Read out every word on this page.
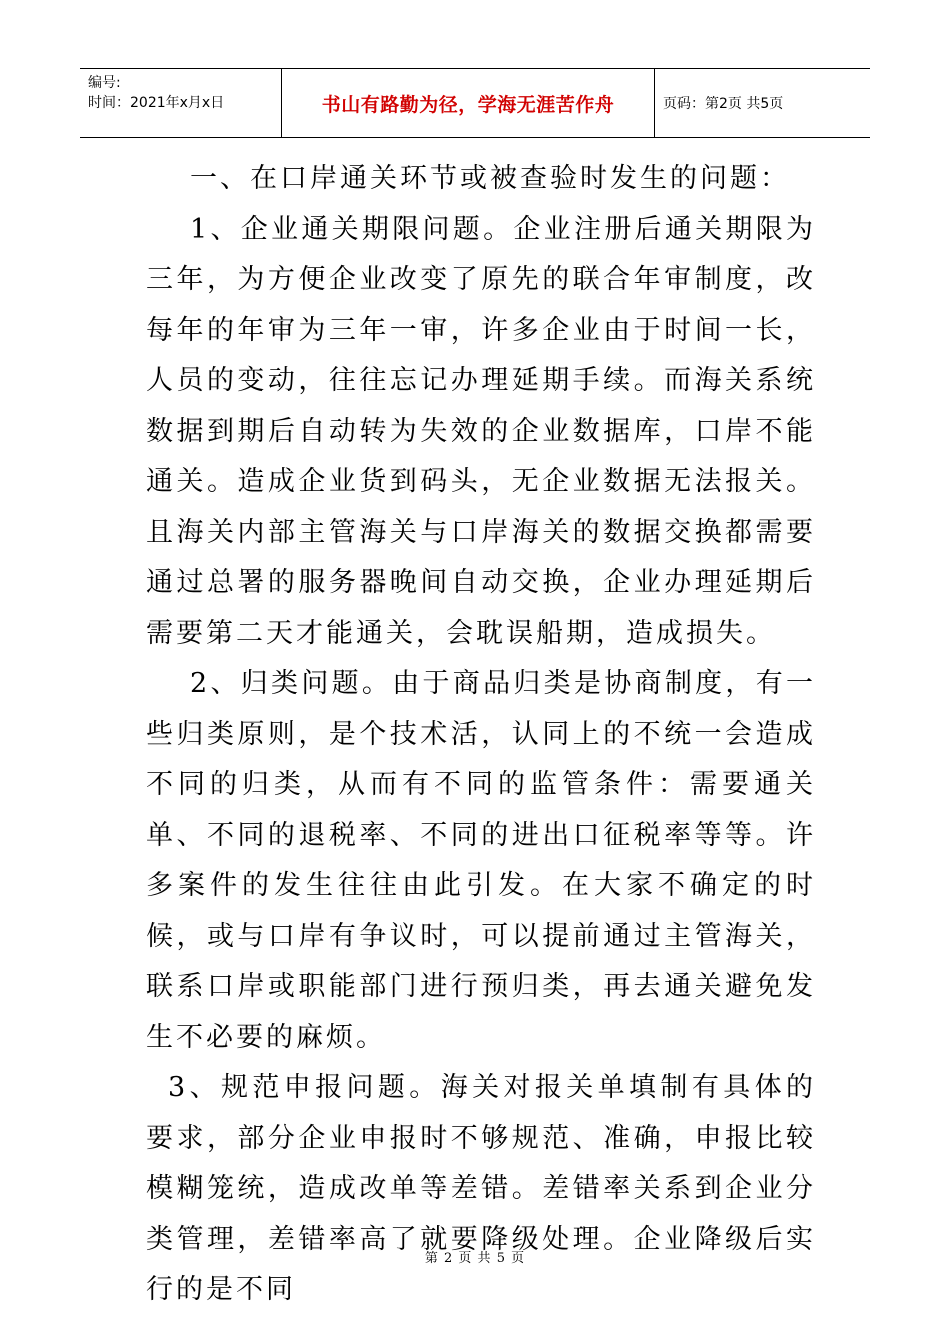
编号:
时间：2021年x月x日	书山有路勤为径，学海无涯苦作舟	页码：第2页 共5页

一、在口岸通关环节或被查验时发生的问题：

1、企业通关期限问题。企业注册后通关期限为三年，为方便企业改变了原先的联合年审制度，改每年的年审为三年一审，许多企业由于时间一长，人员的变动，往往忘记办理延期手续。而海关系统数据到期后自动转为失效的企业数据库，口岸不能通关。造成企业货到码头，无企业数据无法报关。且海关内部主管海关与口岸海关的数据交换都需要通过总署的服务器晚间自动交换，企业办理延期后需要第二天才能通关，会耽误船期，造成损失。

2、归类问题。由于商品归类是协商制度，有一些归类原则，是个技术活，认同上的不统一会造成不同的归类，从而有不同的监管条件：需要通关单、不同的退税率、不同的进出口征税率等等。许多案件的发生往往由此引发。在大家不确定的时候，或与口岸有争议时，可以提前通过主管海关，联系口岸或职能部门进行预归类，再去通关避免发生不必要的麻烦。

3、规范申报问题。海关对报关单填制有具体的要求，部分企业申报时不够规范、准确，申报比较模糊笼统，造成改单等差错。差错率关系到企业分类管理，差错率高了就要降级处理。企业降级后实行的是不同

第 2 页 共 5 页
